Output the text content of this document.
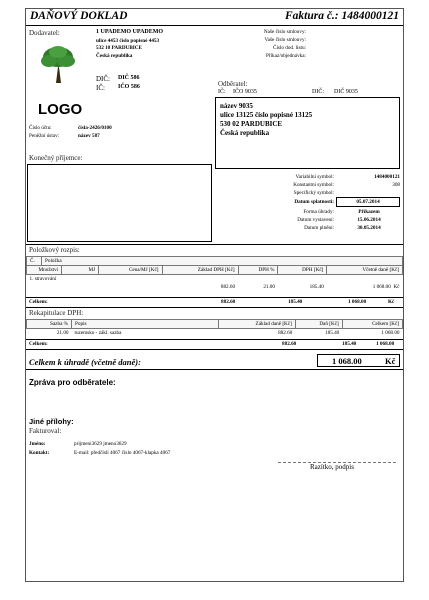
DAŇOVÝ DOKLAD	Faktura č.: 1484000121
Dodavatel:	1 UPADEMO UPADEMO
ulice 4453 číslo popisné 4453
532 10 PARDUBICE
Česká republika
LOGO
DIČ: DIČ 586
IČ: IČO 586
Číslo účtu:	čísla-2426/0100
Peněžní ústav:	název 587
Naše číslo smlouvy:
Vaše číslo smlouvy:
Číslo dod. listu:
Příkaz/objednávka:
Odběratel:
IČ: IČO 9035	DIČ: DIČ 9035
název 9035
ulice 13125 číslo popisné 13125
530 02 PARDUBICE
Česká republika
Konečný příjemce:
Variabilní symbol:	1484000121
Konstantní symbol:	308
Specifický symbol:
Datum splatnosti:	05.07.2014
Forma úhrady:	Příkazem
Datum vystavení:	15.06.2014
Datum plnění:	30.05.2014
Položkový rozpis:
Č.	Položka						
Množství		MJ	Cena/MJ [Kč]	Základ DPH [Kč]	DPH %	DPH [Kč]	Včetně daně [Kč]
1. stravování							
				882.60	21.00	185.40	1 068.00 Kč
Celkem:	882.60	185.40	1 068.00	Kč
Rekapitulace DPH:
Sazba %	Popis	Základ daně [Kč]	Daň [Kč]	Celkem [Kč]
21.00	tuzemsko - zákl. sazba	882.60	185.40	1 068.00
Celkem:	882.60	185.40	1 068.00
Celkem k úhradě (včetně daně):	1 068.00	Kč
Zpráva pro odběratele:
Jiné přílohy:
Fakturoval:
Jméno:	prijmeni3629 jmeno3629
Kontakt:	E-mail: předčíslí 4067 číslo 4067-klapka 4067
Razítko, podpis
